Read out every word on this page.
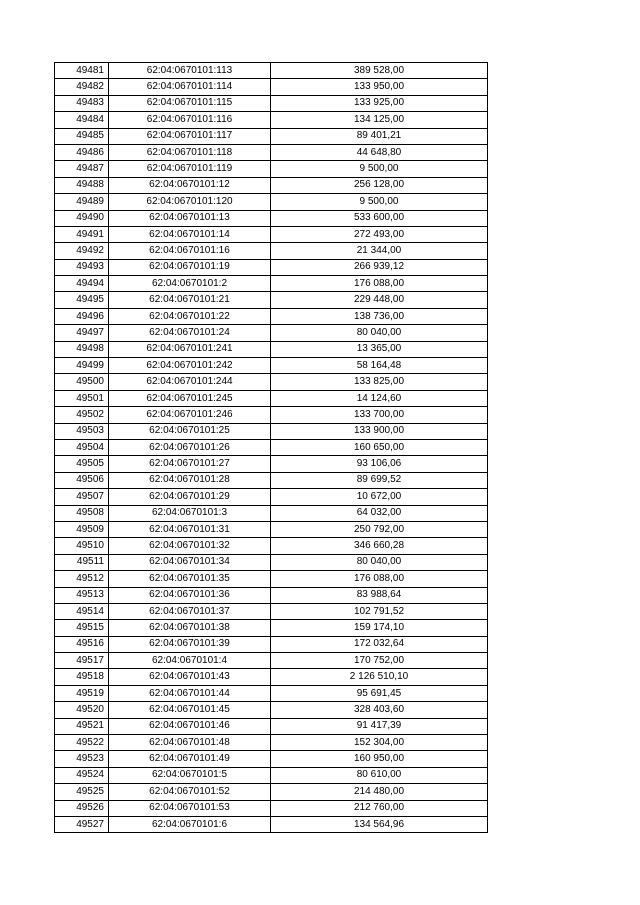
49481	62:04:0670101:113	389 528,00
49482	62:04:0670101:114	133 950,00
49483	62:04:0670101:115	133 925,00
49484	62:04:0670101:116	134 125,00
49485	62:04:0670101:117	89 401,21
49486	62:04:0670101:118	44 648,80
49487	62:04:0670101:119	9 500,00
49488	62:04:0670101:12	256 128,00
49489	62:04:0670101:120	9 500,00
49490	62:04:0670101:13	533 600,00
49491	62:04:0670101:14	272 493,00
49492	62:04:0670101:16	21 344,00
49493	62:04:0670101:19	266 939,12
49494	62:04:0670101:2	176 088,00
49495	62:04:0670101:21	229 448,00
49496	62:04:0670101:22	138 736,00
49497	62:04:0670101:24	80 040,00
49498	62:04:0670101:241	13 365,00
49499	62:04:0670101:242	58 164,48
49500	62:04:0670101:244	133 825,00
49501	62:04:0670101:245	14 124,60
49502	62:04:0670101:246	133 700,00
49503	62:04:0670101:25	133 900,00
49504	62:04:0670101:26	160 650,00
49505	62:04:0670101:27	93 106,06
49506	62:04:0670101:28	89 699,52
49507	62:04:0670101:29	10 672,00
49508	62:04:0670101:3	64 032,00
49509	62:04:0670101:31	250 792,00
49510	62:04:0670101:32	346 660,28
49511	62:04:0670101:34	80 040,00
49512	62:04:0670101:35	176 088,00
49513	62:04:0670101:36	83 988,64
49514	62:04:0670101:37	102 791,52
49515	62:04:0670101:38	159 174,10
49516	62:04:0670101:39	172 032,64
49517	62:04:0670101:4	170 752,00
49518	62:04:0670101:43	2 126 510,10
49519	62:04:0670101:44	95 691,45
49520	62:04:0670101:45	328 403,60
49521	62:04:0670101:46	91 417,39
49522	62:04:0670101:48	152 304,00
49523	62:04:0670101:49	160 950,00
49524	62:04:0670101:5	80 610,00
49525	62:04:0670101:52	214 480,00
49526	62:04:0670101:53	212 760,00
49527	62:04:0670101:6	134 564,96
